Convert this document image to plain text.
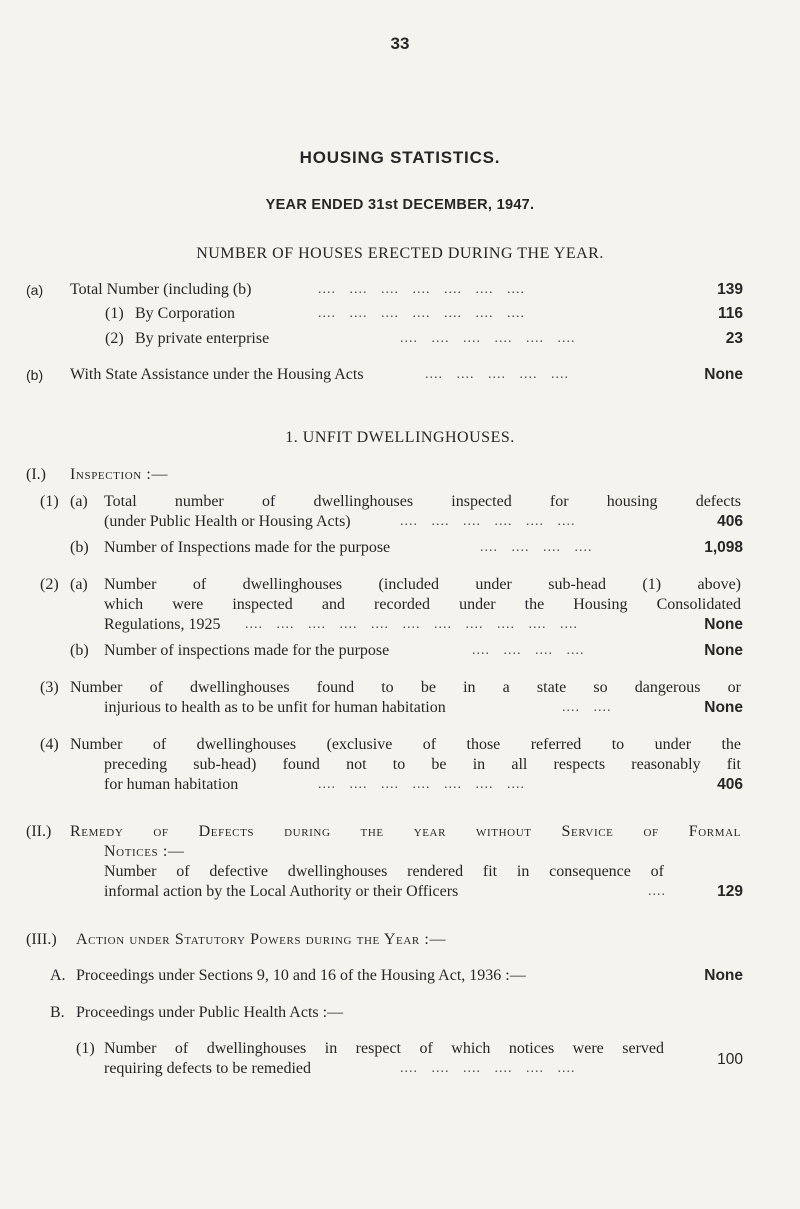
33
HOUSING STATISTICS.
YEAR ENDED 31st DECEMBER, 1947.
NUMBER OF HOUSES ERECTED DURING THE YEAR.
(a) Total Number (including (b)	....   ....   ....   ....   ....   ....   ....	139
(1) By Corporation	....   ....   ....   ....   ....   ....   ....	116
(2) By private enterprise	....   ....   ....   ....   ....   ....	23
(b) With State Assistance under the Housing Acts	....   ....   ....   ....   ....	None
1. UNFIT DWELLINGHOUSES.
(I.) Inspection :—
(1) (a) Total number of dwellinghouses inspected for housing defects
(under Public Health or Housing Acts)	....   ....   ....   ....   ....   ....	406
(b) Number of Inspections made for the purpose	....   ....   ....   ....	1,098
(2) (a) Number of dwellinghouses (included under sub-head (1) above)
which were inspected and recorded under the Housing Consolidated
Regulations, 1925 ....   ....   ....   ....   ....   ....   ....   ....   ....   ....   ....	None
(b) Number of inspections made for the purpose	....   ....   ....   ....	None
(3) Number of dwellinghouses found to be in a state so dangerous or
injurious to health as to be unfit for human habitation	....   ....	None
(4) Number of dwellinghouses (exclusive of those referred to under the
preceding sub-head) found not to be in all respects reasonably fit
for human habitation	....   ....   ....   ....   ....   ....   ....	406
(II.) Remedy of Defects during the year without Service of Formal
Notices :—
Number of defective dwellinghouses rendered fit in consequence of
informal action by the Local Authority or their Officers	....	129
(III.) Action under Statutory Powers during the Year :—
A. Proceedings under Sections 9, 10 and 16 of the Housing Act, 1936 :—	None
B. Proceedings under Public Health Acts :—
(1) Number of dwellinghouses in respect of which notices were served
requiring defects to be remedied	....   ....   ....   ....   ....   ....
100
